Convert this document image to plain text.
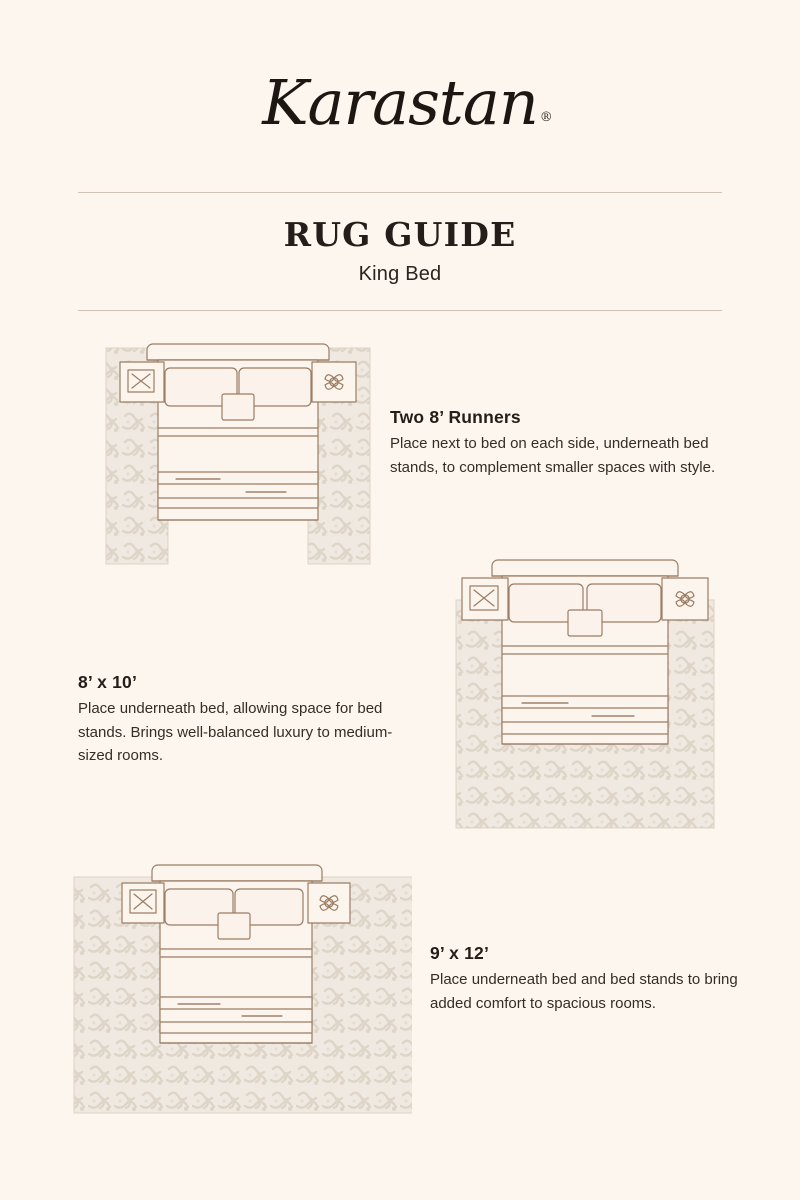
Karastan ®
RUG GUIDE
King Bed
Two 8’ Runners

Place next to bed on each side, underneath bed stands, to complement smaller spaces with style.

8’ x 10’

Place underneath bed, allowing space for bed stands. Brings well-balanced luxury to medium-sized rooms.

9’ x 12’

Place underneath bed and bed stands to bring added comfort to spacious rooms.
